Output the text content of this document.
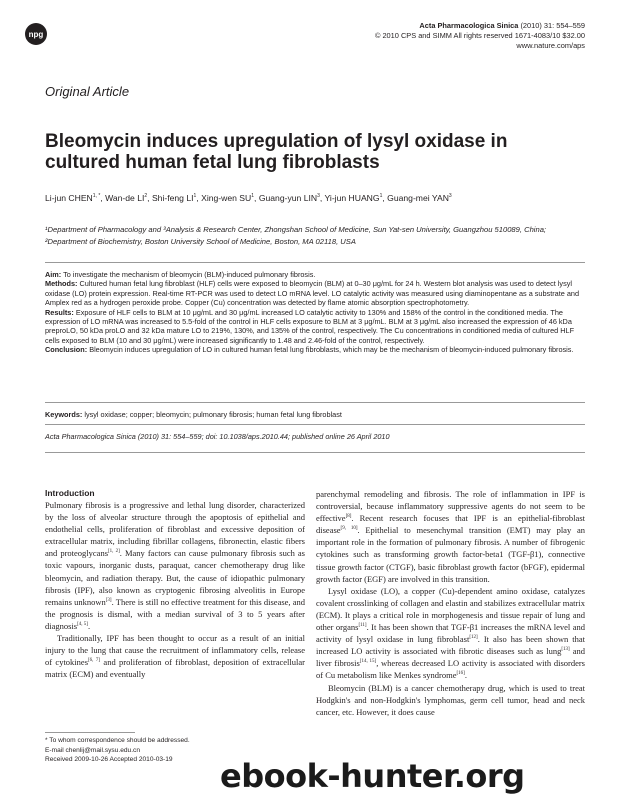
npg
Acta Pharmacologica Sinica (2010) 31: 554–559
© 2010 CPS and SIMM All rights reserved 1671-4083/10 $32.00
www.nature.com/aps
Original Article
Bleomycin induces upregulation of lysyl oxidase in cultured human fetal lung fibroblasts
Li-jun $CHEN^{1, *}$, Wan-de $LI^2$, Shi-feng $LI^1$, Xing-wen $SU^1$, Guang-yun LIN$^3$, Yi-jun HUANG$^1$, Guang-mei YAN$^3$
¹Department of Pharmacology and ³Analysis & Research Center, Zhongshan School of Medicine, Sun Yat-sen University, Guangzhou 510089, China; ²Department of Biochemistry, Boston University School of Medicine, Boston, MA 02118, USA

Aim: To investigate the mechanism of bleomycin (BLM)-induced pulmonary fibrosis.

Methods: Cultured human fetal lung fibroblast (HLF) cells were exposed to bleomycin (BLM) at 0–30 μg/mL for 24 h. Western blot analysis was used to detect lysyl oxidase (LO) protein expression. Real-time RT-PCR was used to detect LO mRNA level. LO catalytic activity was measured using diaminopentane as a substrate and Amplex red as a hydrogen peroxide probe. Copper (Cu) concentration was detected by flame atomic absorption spectrophotometry.

Results: Exposure of HLF cells to BLM at 10 μg/mL and 30 μg/mL increased LO catalytic activity to 130% and 158% of the control in the conditioned media. The expression of LO mRNA was increased to 5.5-fold of the control in HLF cells exposure to BLM at 3 μg/mL. BLM at 3 μg/mL also increased the expression of 46 kDa preproLO, 50 kDa proLO and 32 kDa mature LO to 219%, 130%, and 135% of the control, respectively. The Cu concentrations in conditioned media of cultured HLF cells exposed to BLM (10 and 30 μg/mL) were increased significantly to 1.48 and 2.46-fold of the control, respectively.

Conclusion: Bleomycin induces upregulation of LO in cultured human fetal lung fibroblasts, which may be the mechanism of bleomycin-induced pulmonary fibrosis.

Keywords: lysyl oxidase; copper; bleomycin; pulmonary fibrosis; human fetal lung fibroblast
Acta Pharmacologica Sinica (2010) 31: 554–559; doi: 10.1038/aps.2010.44; published online 26 April 2010
Introduction

Pulmonary fibrosis is a progressive and lethal lung disorder, characterized by the loss of alveolar structure through the apoptosis of epithelial and endothelial cells, proliferation of fibroblast and excessive deposition of extracellular matrix, including fibrillar collagens, fibronectin, elastic fibers and proteoglycans[1, 2]. Many factors can cause pulmonary fibrosis such as toxic vapours, inorganic dusts, paraquat, cancer chemotherapy drug like bleomycin, and radiation therapy. But, the cause of idiopathic pulmonary fibrosis (IPF), also known as cryptogenic fibrosing alveolitis in Europe remains unknown[3]. There is still no effective treatment for this disease, and the prognosis is dismal, with a median survival of 3 to 5 years after diagnosis[4, 5].

Traditionally, IPF has been thought to occur as a result of an initial injury to the lung that cause the recruitment of inflammatory cells, release of cytokines[6, 7] and proliferation of fibroblast, deposition of extracellular matrix (ECM) and eventually

parenchymal remodeling and fibrosis. The role of inflammation in IPF is controversial, because inflammatory suppressive agents do not seem to be effective[8]. Recent research focuses that IPF is an epithelial-fibroblast disease[9, 10]. Epithelial to mesenchymal transition (EMT) may play an important role in the formation of pulmonary fibrosis. A number of fibrogenic cytokines such as transforming growth factor-beta1 (TGF-β1), connective tissue growth factor (CTGF), basic fibroblast growth factor (bFGF), epidermal growth factor (EGF) are involved in this transition.

Lysyl oxidase (LO), a copper (Cu)-dependent amino oxidase, catalyzes covalent crosslinking of collagen and elastin and stabilizes extracellular matrix (ECM). It plays a critical role in morphogenesis and tissue repair of lung and other organs[11]. It has been shown that TGF-β1 increases the mRNA level and activity of lysyl oxidase in lung fibroblast[12]. It also has been shown that increased LO activity is associated with fibrotic diseases such as lung[13] and liver fibrosis[14, 15], whereas decreased LO activity is associated with disorders of Cu metabolism like Menkes syndrome[16].

Bleomycin (BLM) is a cancer chemotherapy drug, which is used to treat Hodgkin's and non-Hodgkin's lymphomas, germ cell tumor, head and neck cancer, etc. However, it does cause

* To whom correspondence should be addressed.
E-mail chenlij@mail.sysu.edu.cn
Received 2009-10-26 Accepted 2010-03-19	ebook-hunter.org
